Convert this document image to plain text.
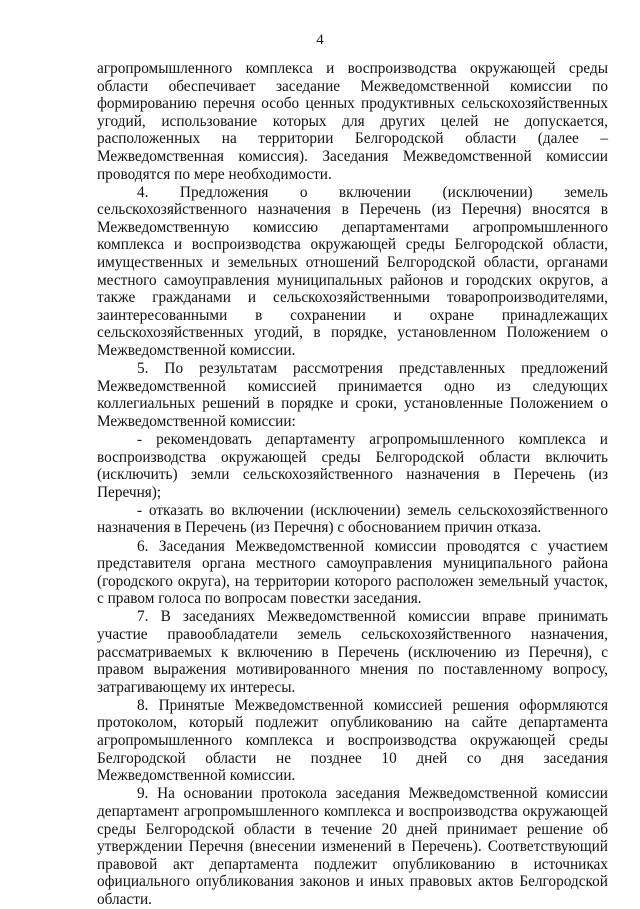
4

агропромышленного комплекса и воспроизводства окружающей среды области обеспечивает заседание Межведомственной комиссии по формированию перечня особо ценных продуктивных сельскохозяйственных угодий, использование которых для других целей не допускается, расположенных на территории Белгородской области (далее – Межведомственная комиссия). Заседания Межведомственной комиссии проводятся по мере необходимости.

4. Предложения о включении (исключении) земель сельскохозяйственного назначения в Перечень (из Перечня) вносятся в Межведомственную комиссию департаментами агропромышленного комплекса и воспроизводства окружающей среды Белгородской области, имущественных и земельных отношений Белгородской области, органами местного самоуправления муниципальных районов и городских округов, а также гражданами и сельскохозяйственными товаропроизводителями, заинтересованными в сохранении и охране принадлежащих сельскохозяйственных угодий, в порядке, установленном Положением о Межведомственной комиссии.

5. По результатам рассмотрения представленных предложений Межведомственной комиссией принимается одно из следующих коллегиальных решений в порядке и сроки, установленные Положением о Межведомственной комиссии:

- рекомендовать департаменту агропромышленного комплекса и воспроизводства окружающей среды Белгородской области включить (исключить) земли сельскохозяйственного назначения в Перечень (из Перечня);

- отказать во включении (исключении) земель сельскохозяйственного назначения в Перечень (из Перечня) с обоснованием причин отказа.

6. Заседания Межведомственной комиссии проводятся с участием представителя органа местного самоуправления муниципального района (городского округа), на территории которого расположен земельный участок, с правом голоса по вопросам повестки заседания.

7. В заседаниях Межведомственной комиссии вправе принимать участие правообладатели земель сельскохозяйственного назначения, рассматриваемых к включению в Перечень (исключению из Перечня), с правом выражения мотивированного мнения по поставленному вопросу, затрагивающему их интересы.

8. Принятые Межведомственной комиссией решения оформляются протоколом, который подлежит опубликованию на сайте департамента агропромышленного комплекса и воспроизводства окружающей среды Белгородской области не позднее 10 дней со дня заседания Межведомственной комиссии.

9. На основании протокола заседания Межведомственной комиссии департамент агропромышленного комплекса и воспроизводства окружающей среды Белгородской области в течение 20 дней принимает решение об утверждении Перечня (внесении изменений в Перечень). Соответствующий правовой акт департамента подлежит опубликованию в источниках официального опубликования законов и иных правовых актов Белгородской области.
